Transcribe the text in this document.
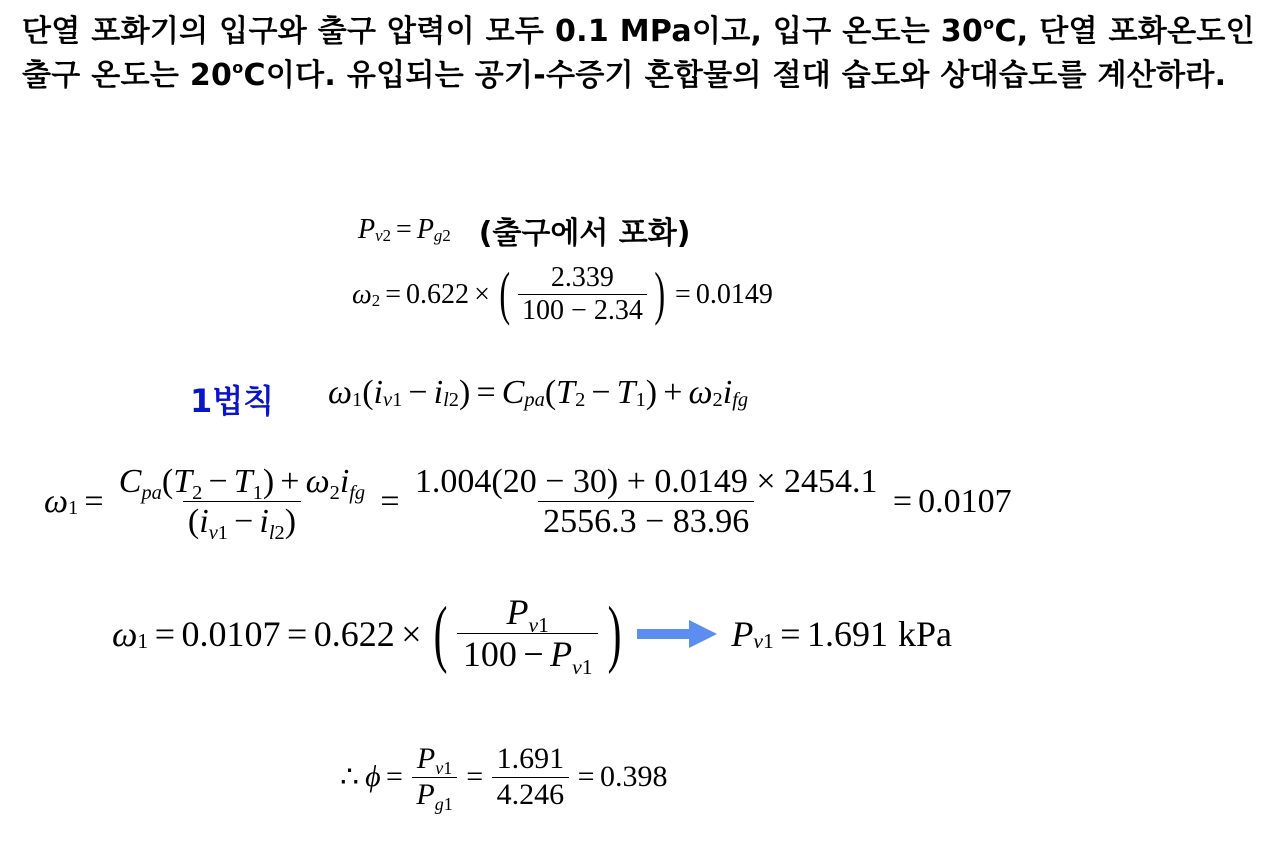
단열 포화기의 입구와 출구 압력이 모두 0.1 MPa이고, 입구 온도는 30$^o$C, 단열 포화온도인 출구 온도는 20$^o$C이다. 유입되는 공기-수증기 혼합물의 절대 습도와 상대습도를 계산하라.
P v 2 = P g 2 (출구에서 포화)
ω 2 = 0.622 × ( $\frac{2.339}{100 - 2.34}$ ) = 0.0149
1법칙 ω 1 ( i v 1 − i l 2 ) = C pa ( T 2 − T 1 ) + ω 2 i fg
ω $1 = \frac{C_{pa}(T_2 - T_1) + \omega_2i_{fg}}{(i_{v1} - i_{l2})} = \frac{1.004(20 - 30) + 0.0149 \times 2454.1}{2556.3 - 83.96} = 0.0107$
ω 1 = 0.0107 = 0.622 × ( $\frac{P_{v1}}{100 - P_{v1}}$ )	P v 1 = 1.691 kPa
∴ $\phi = \frac{P_{v1}}{P_{g1}} = \frac{1.691}{4.246} = 0.398$
